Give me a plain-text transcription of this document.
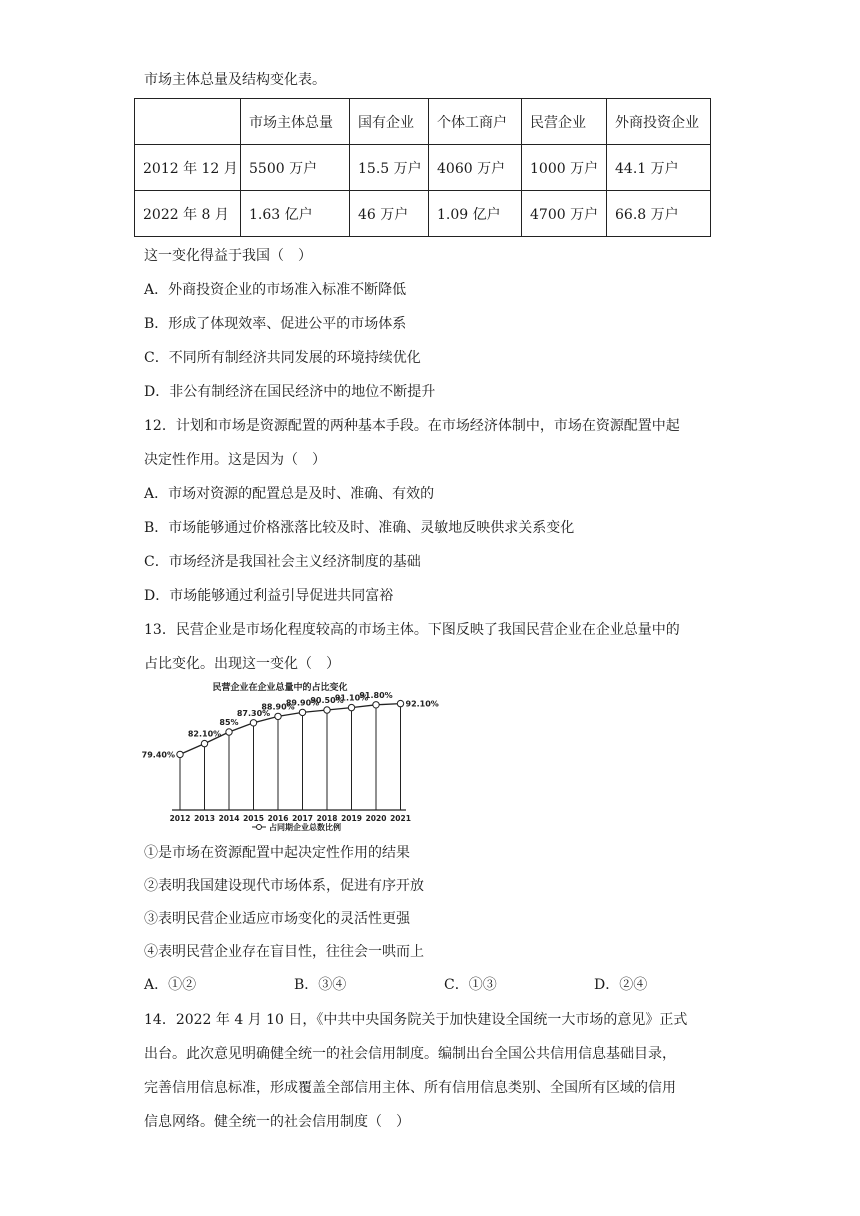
市场主体总量及结构变化表。
	市场主体总量	国有企业	个体工商户	民营企业	外商投资企业
2012 年 12 月	5500 万户	15.5 万户	4060 万户	1000 万户	44.1 万户
2022 年 8 月	1.63 亿户	46 万户	1.09 亿户	4700 万户	66.8 万户
这一变化得益于我国（　）
A．外商投资企业的市场准入标准不断降低
B．形成了体现效率、促进公平的市场体系
C．不同所有制经济共同发展的环境持续优化
D．非公有制经济在国民经济中的地位不断提升
12．计划和市场是资源配置的两种基本手段。在市场经济体制中，市场在资源配置中起
决定性作用。这是因为（　）
A．市场对资源的配置总是及时、准确、有效的
B．市场能够通过价格涨落比较及时、准确、灵敏地反映供求关系变化
C．市场经济是我国社会主义经济制度的基础
D．市场能够通过利益引导促进共同富裕
13．民营企业是市场化程度较高的市场主体。下图反映了我国民营企业在企业总量中的
占比变化。出现这一变化（　）
民营企业在企业总量中的占比变化
79.40%
82.10%
85%
87.30%
88.90%
89.90%
90.50%
91.10%
91.80%
92.10%
2012 2013 2014 2015 2016 2017 2018 2019 2020 2021
占同期企业总数比例
①是市场在资源配置中起决定性作用的结果
②表明我国建设现代市场体系，促进有序开放
③表明民营企业适应市场变化的灵活性更强
④表明民营企业存在盲目性，往往会一哄而上
A．①②	B．③④	C．①③	D．②④
14．2022 年 4 月 10 日，《中共中央国务院关于加快建设全国统一大市场的意见》正式
出台。此次意见明确健全统一的社会信用制度。编制出台全国公共信用信息基础目录，
完善信用信息标准，形成覆盖全部信用主体、所有信用信息类别、全国所有区域的信用
信息网络。健全统一的社会信用制度（　）
